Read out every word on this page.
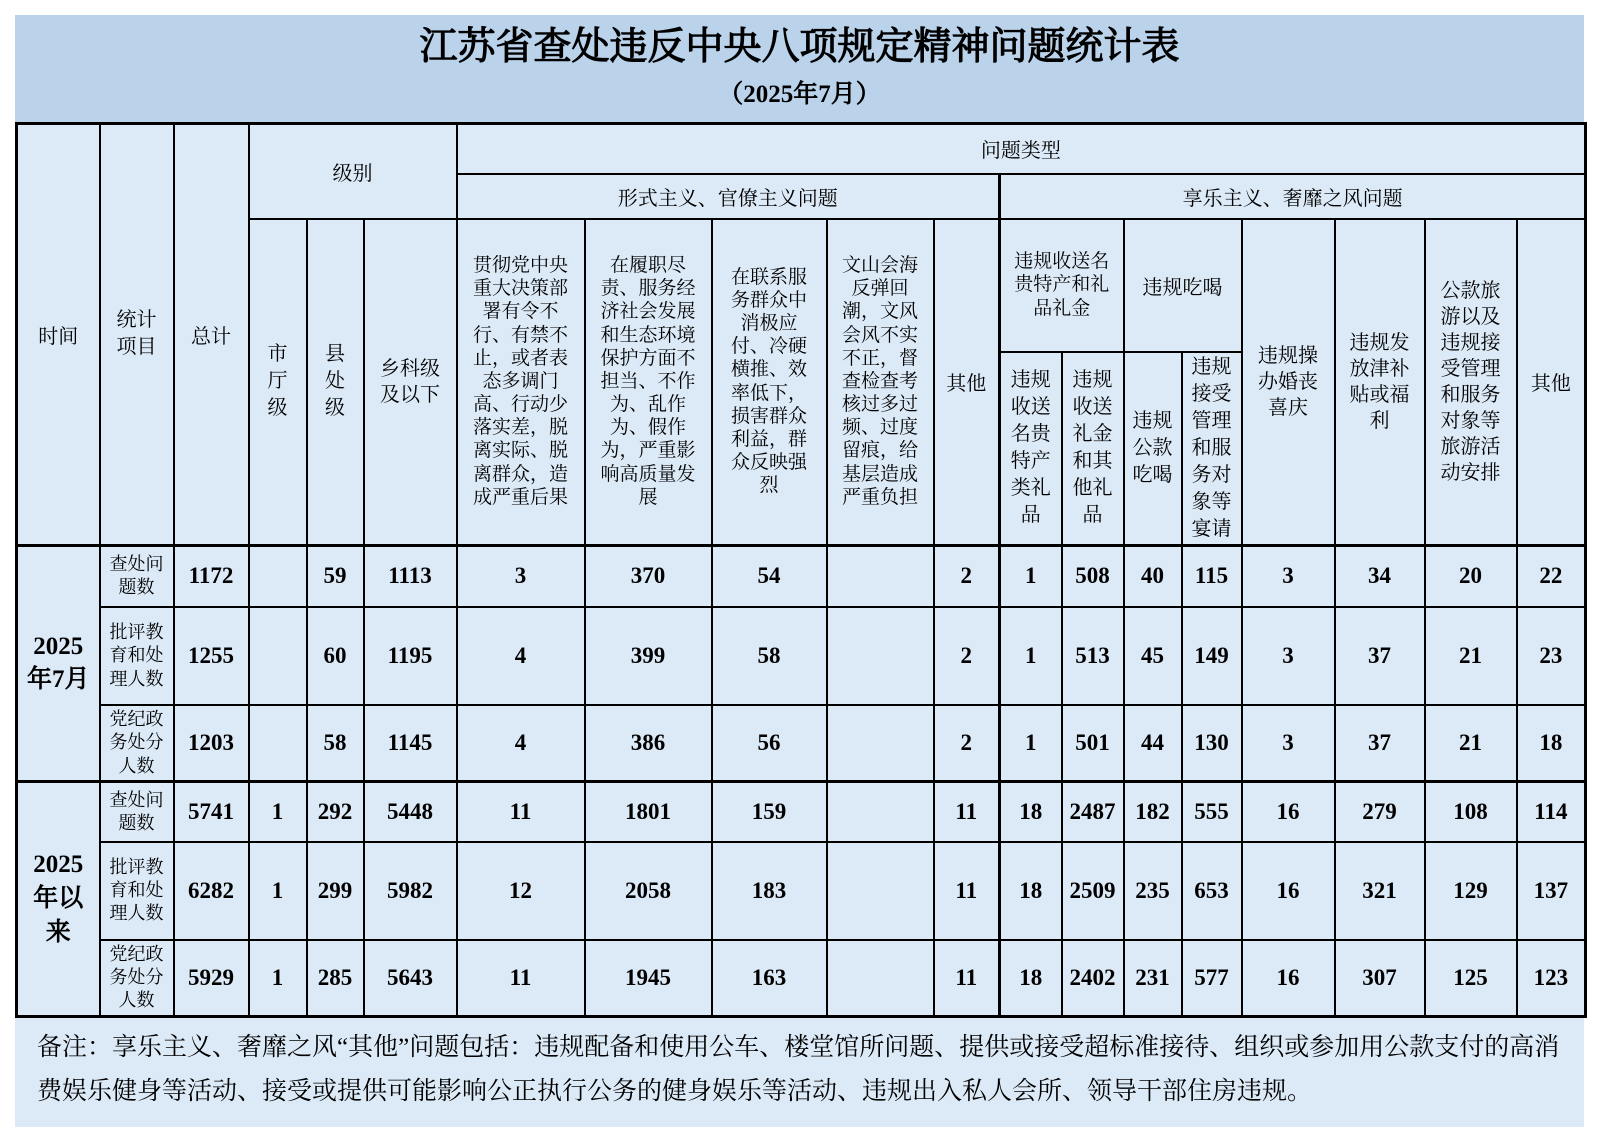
江苏省查处违反中央八项规定精神问题统计表
（2025年7月）
时间	统计项目	总计	级别			问题类型												
						形式主义、官僚主义问题					享乐主义、奢靡之风问题							
			市厅级	县处级	乡科级及以下	贯彻党中央重大决策部署有令不行、有禁不止，或者表态多调门高、行动少落实差，脱离实际、脱离群众，造成严重后果	在履职尽责、服务经济社会发展和生态环境保护方面不担当、不作为、乱作为、假作为，严重影响高质量发展	在联系服务群众中消极应付、冷硬横推、效率低下，损害群众利益，群众反映强烈	文山会海反弹回潮，文风会风不实不正，督查检查考核过多过频、过度留痕，给基层造成严重负担	其他	违规收送名贵特产和礼品礼金		违规吃喝		违规操办婚丧喜庆	违规发放津补贴或福利	公款旅游以及违规接受管理和服务对象等旅游活动安排	其他
											违规收送名贵特产类礼品	违规收送礼金和其他礼品	违规公款吃喝	违规接受管理和服务对象等宴请				
2025年7月	查处问题数	1172		59	1113	3	370	54		2	1	508	40	115	3	34	20	22
	批评教育和处理人数	1255		60	1195	4	399	58		2	1	513	45	149	3	37	21	23
	党纪政务处分人数	1203		58	1145	4	386	56		2	1	501	44	130	3	37	21	18
2025年以来	查处问题数	5741	1	292	5448	11	1801	159		11	18	2487	182	555	16	279	108	114
	批评教育和处理人数	6282	1	299	5982	12	2058	183		11	18	2509	235	653	16	321	129	137
	党纪政务处分人数	5929	1	285	5643	11	1945	163		11	18	2402	231	577	16	307	125	123
备注：享乐主义、奢靡之风“其他”问题包括：违规配备和使用公车、楼堂馆所问题、提供或接受超标准接待、组织或参加用公款支付的高消费娱乐健身等活动、接受或提供可能影响公正执行公务的健身娱乐等活动、违规出入私人会所、领导干部住房违规。
